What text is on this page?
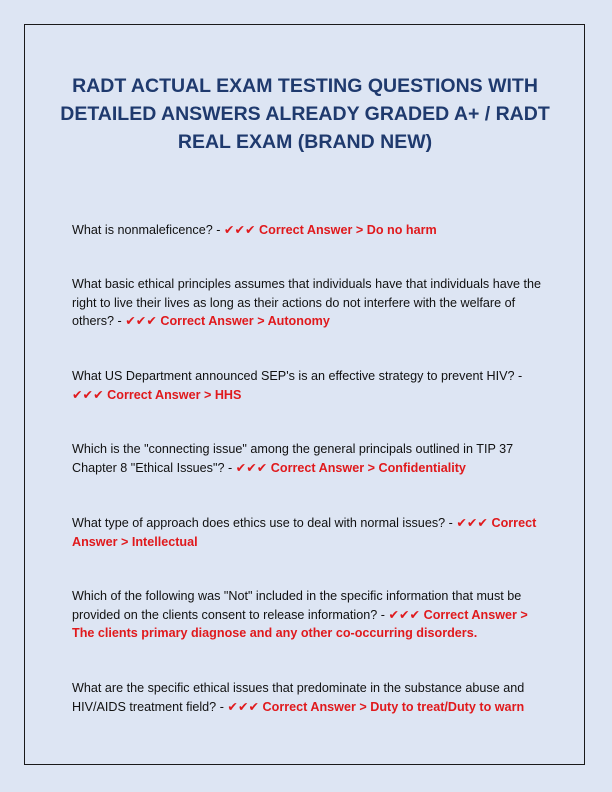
RADT ACTUAL EXAM TESTING QUESTIONS WITH DETAILED ANSWERS ALREADY GRADED A+ / RADT REAL EXAM (BRAND NEW)

What is nonmaleficence? - ✔✔✔ Correct Answer > Do no harm

What basic ethical principles assumes that individuals have that individuals have the right to live their lives as long as their actions do not interfere with the welfare of others? - ✔✔✔ Correct Answer > Autonomy

What US Department announced SEP's is an effective strategy to prevent HIV? - ✔✔✔ Correct Answer > HHS

Which is the "connecting issue" among the general principals outlined in TIP 37 Chapter 8 "Ethical Issues"? - ✔✔✔ Correct Answer > Confidentiality

What type of approach does ethics use to deal with normal issues? - ✔✔✔ Correct Answer > Intellectual

Which of the following was "Not" included in the specific information that must be provided on the clients consent to release information? - ✔✔✔ Correct Answer > The clients primary diagnose and any other co-occurring disorders.

What are the specific ethical issues that predominate in the substance abuse and HIV/AIDS treatment field? - ✔✔✔ Correct Answer > Duty to treat/Duty to warn
